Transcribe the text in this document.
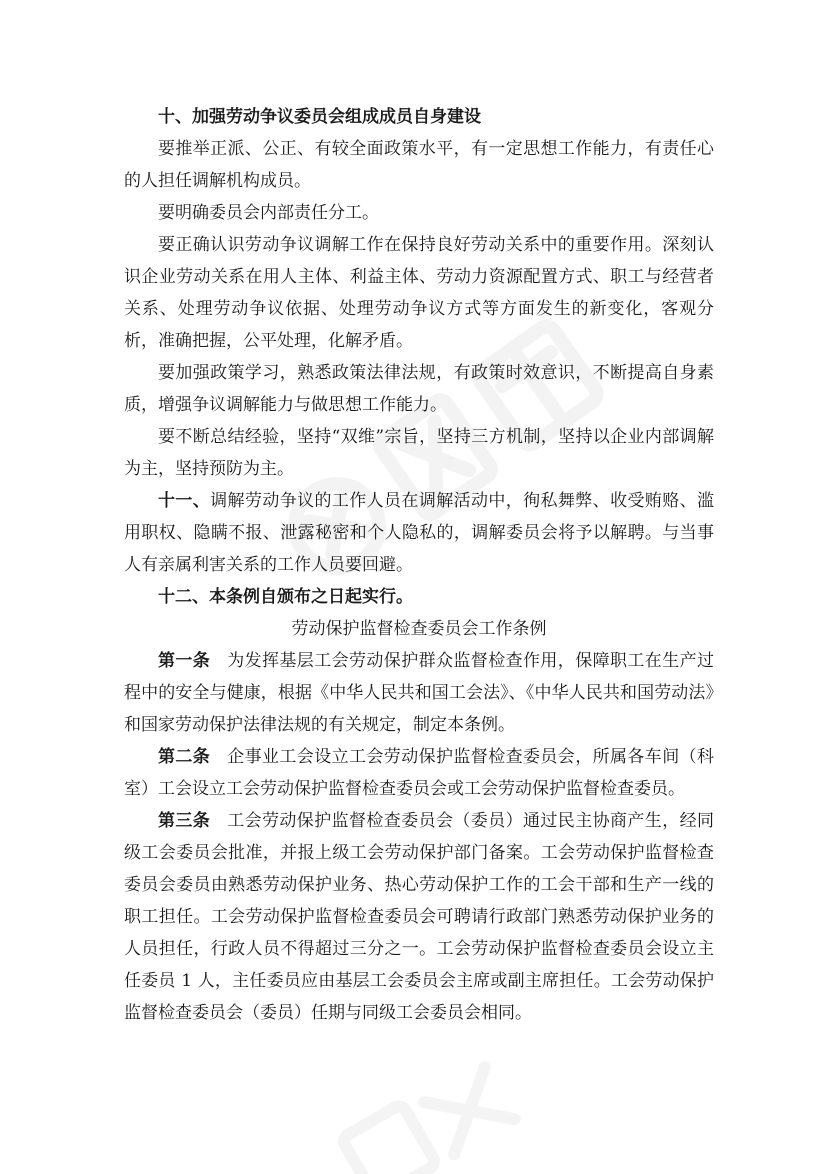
十、加强劳动争议委员会组成成员自身建设

要推举正派、公正、有较全面政策水平，有一定思想工作能力，有责任心的人担任调解机构成员。

要明确委员会内部责任分工。

要正确认识劳动争议调解工作在保持良好劳动关系中的重要作用。深刻认识企业劳动关系在用人主体、利益主体、劳动力资源配置方式、职工与经营者关系、处理劳动争议依据、处理劳动争议方式等方面发生的新变化，客观分析，准确把握，公平处理，化解矛盾。

要加强政策学习，熟悉政策法律法规，有政策时效意识，不断提高自身素质，增强争议调解能力与做思想工作能力。

要不断总结经验，坚持“双维”宗旨，坚持三方机制，坚持以企业内部调解为主，坚持预防为主。

十一、调解劳动争议的工作人员在调解活动中，徇私舞弊、收受贿赂、滥用职权、隐瞒不报、泄露秘密和个人隐私的，调解委员会将予以解聘。与当事人有亲属利害关系的工作人员要回避。

十二、本条例自颁布之日起实行。

劳动保护监督检查委员会工作条例

第一条 为发挥基层工会劳动保护群众监督检查作用，保障职工在生产过程中的安全与健康，根据《中华人民共和国工会法》、《中华人民共和国劳动法》和国家劳动保护法律法规的有关规定，制定本条例。

第二条 企事业工会设立工会劳动保护监督检查委员会，所属各车间（科室）工会设立工会劳动保护监督检查委员会或工会劳动保护监督检查委员。

第三条 工会劳动保护监督检查委员会（委员）通过民主协商产生，经同级工会委员会批准，并报上级工会劳动保护部门备案。工会劳动保护监督检查委员会委员由熟悉劳动保护业务、热心劳动保护工作的工会干部和生产一线的职工担任。工会劳动保护监督检查委员会可聘请行政部门熟悉劳动保护业务的人员担任，行政人员不得超过三分之一。工会劳动保护监督检查委员会设立主任委员 1 人，主任委员应由基层工会委员会主席或副主席担任。工会劳动保护监督检查委员会（委员）任期与同级工会委员会相同。
